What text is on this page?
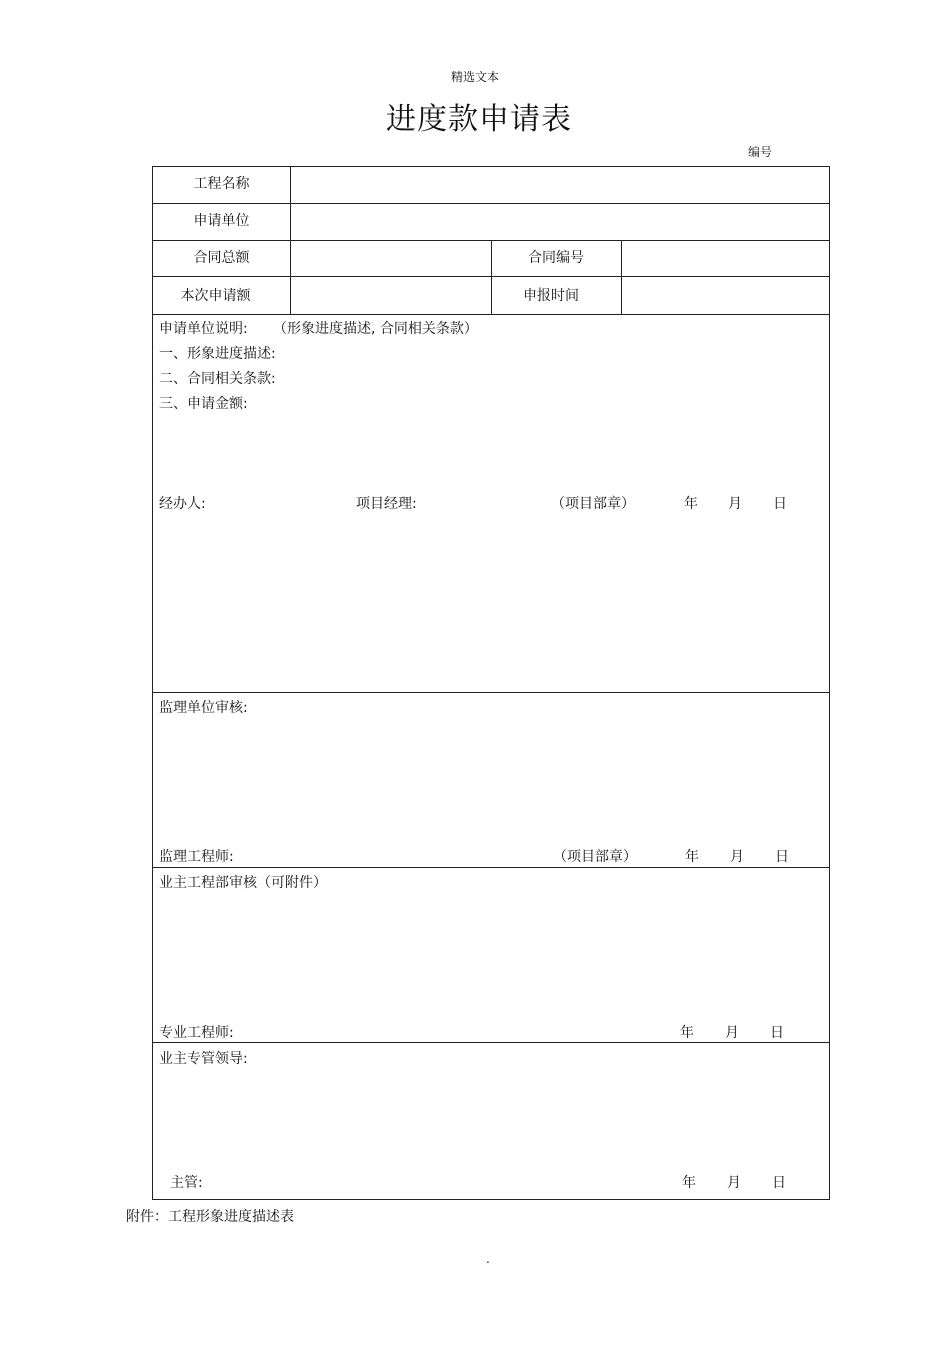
精选文本
进度款申请表
编号
工程名称
申请单位
合同总额	合同编号
本次申请额	申报时间
申请单位说明: （形象进度描述, 合同相关条款）
一、形象进度描述:
二、合同相关条款:
三、申请金额:
经办人:	项目经理:	（项目部章）	年 月 日
监理单位审核:
监理工程师:	（项目部章）	年 月 日
业主工程部审核（可附件）
专业工程师:	年 月 日
业主专管领导:
主管:	年 月 日
附件：工程形象进度描述表
.
